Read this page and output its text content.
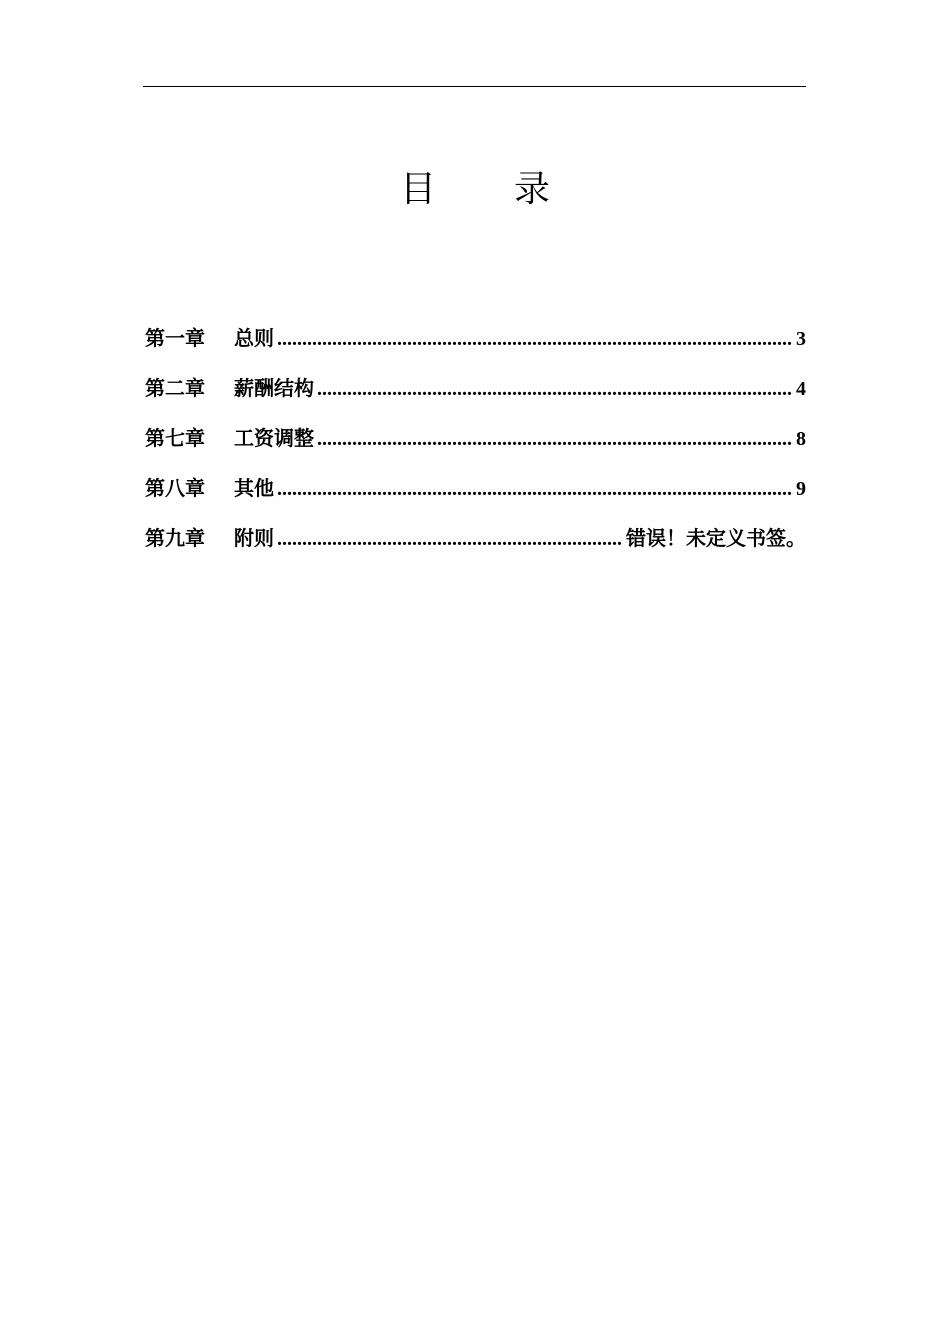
目 录
第一章	总则 .....	3
第二章	薪酬结构 .....	4
第七章	工资调整 .....	8
第八章	其他 .....	9
第九章	附则 .....	错误！未定义书签。
